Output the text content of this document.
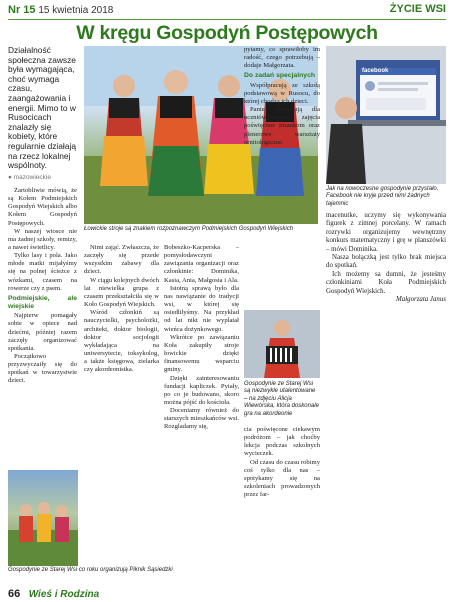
Nr 15 15 kwietnia 2018	ŻYCIE WSI
W kręgu Gospodyń Postępowych
Działalność społeczna zawsze była wymagająca, choć wymaga czasu, zaangażowania i energii. Mimo to w Rusocicach znalazły się kobiety, które regularnie działają na rzecz lokalnej wspólnoty.
● mazowieckie

Żartobliwie mówią, że są Kołem Podmiejskich Gospodyń Wiejskich albo Kołem Gospodyń Postępowych.

W naszej wiosce nie ma żadnej szkoły, remizy, a nawet świetlicy.

Tylko lasy i pola. Jako młode matki mijałyśmy się na polnej ścieżce z wózkami, czasem na rowerze czy z psem.

Podmiejskie, ale wiejskie

Najpierw pomagały sobie w opiece nad dziećmi, później razem zaczęły organizować spotkania.

Początkowo przyzwyczaiły się do spotkań w towarzystwie dzieci.

Łowickie stroje są znakiem rozpoznawczym Podmiejskich Gospodyń Wiejskich

Nimi zająć. Zwłaszcza, że zaczęły się przede wszystkim zabawy dla dzieci.

W ciągu kolejnych dwóch lat niewielka grupa z czasem przekształciła się w Koło Gospodyń Wiejskich.

Wśród członkiń są nauczycielki, psycholożki, architekt, doktor biologii, doktor socjologii wykładająca na uniwersytecie, toksykolog, a także księgowa, zielarka czy akordeonistka.

Bobeszko-Kacperska – pomysłodawczyni zawiązania organizacji oraz członkinie: Dominika, Kasia, Ania, Małgosia i Ala.

Istotną sprawą było dla nas nawiązanie do tradycji wsi, w której się osiedliłyśmy. Na przykład od lat nikt nie wyplatał wieńca dożynkowego.

Wkrótce po zawiązaniu Koła zakupiły stroje łowickie dzięki finansowemu wsparciu gminy.

Dzięki zainteresowaniu fundacji kapliczek. Pytały, po co je budowano, skoro można pójść do kościoła.

Doceniamy również do starszych mieszkańców wsi. Rozgladamy się,

Gospodynie ze Starej Wsi co roku organizują Piknik Sąsiedzki

pytamy, co sprawiłoby im radość, czego potrzebują – dodaje Małgorzata.

Do zadań specjalnych

Współpracują ze szkołą podstawową w Rusocu, do której chodzą ich dzieci.

Panie organizują dla uczniów również zajęcia poświęcone pisankom oraz plenerowe warsztaty ornitologiczne.

Gospodynie ze Starej Wsi są niezwykle utalentowane – na zdjęciu Alicja Wiewórska, która doskonale gra na akordeonie

cia poświęcone ciekawym podróżom – jak choćby lekcja podczas szkolnych wycieczek.

Od czasu do czasu robimy coś tylko dla nas – spotykamy się na szkoleniach prowadzonych przez far-

facebook
Jak na nowoczesne gospodynie przystało, Facebook nie kryje przed nimi żadnych tajemnic

macenutke, uczymy się wykonywania figurek z zimnej porcelany. W ramach rozrywki organizujemy wewnętrzny konkurs matematyczny i grę w planszówki – mówi Dominika.

Nasza bolączką jest tylko brak miejsca do spotkań.

Ich możemy sa dumni, że jesteśmy członkiniami Koła Podmiejskich Gospodyń Wiejskich.

Małgorzata Janus
66 Wieś i Rodzina
